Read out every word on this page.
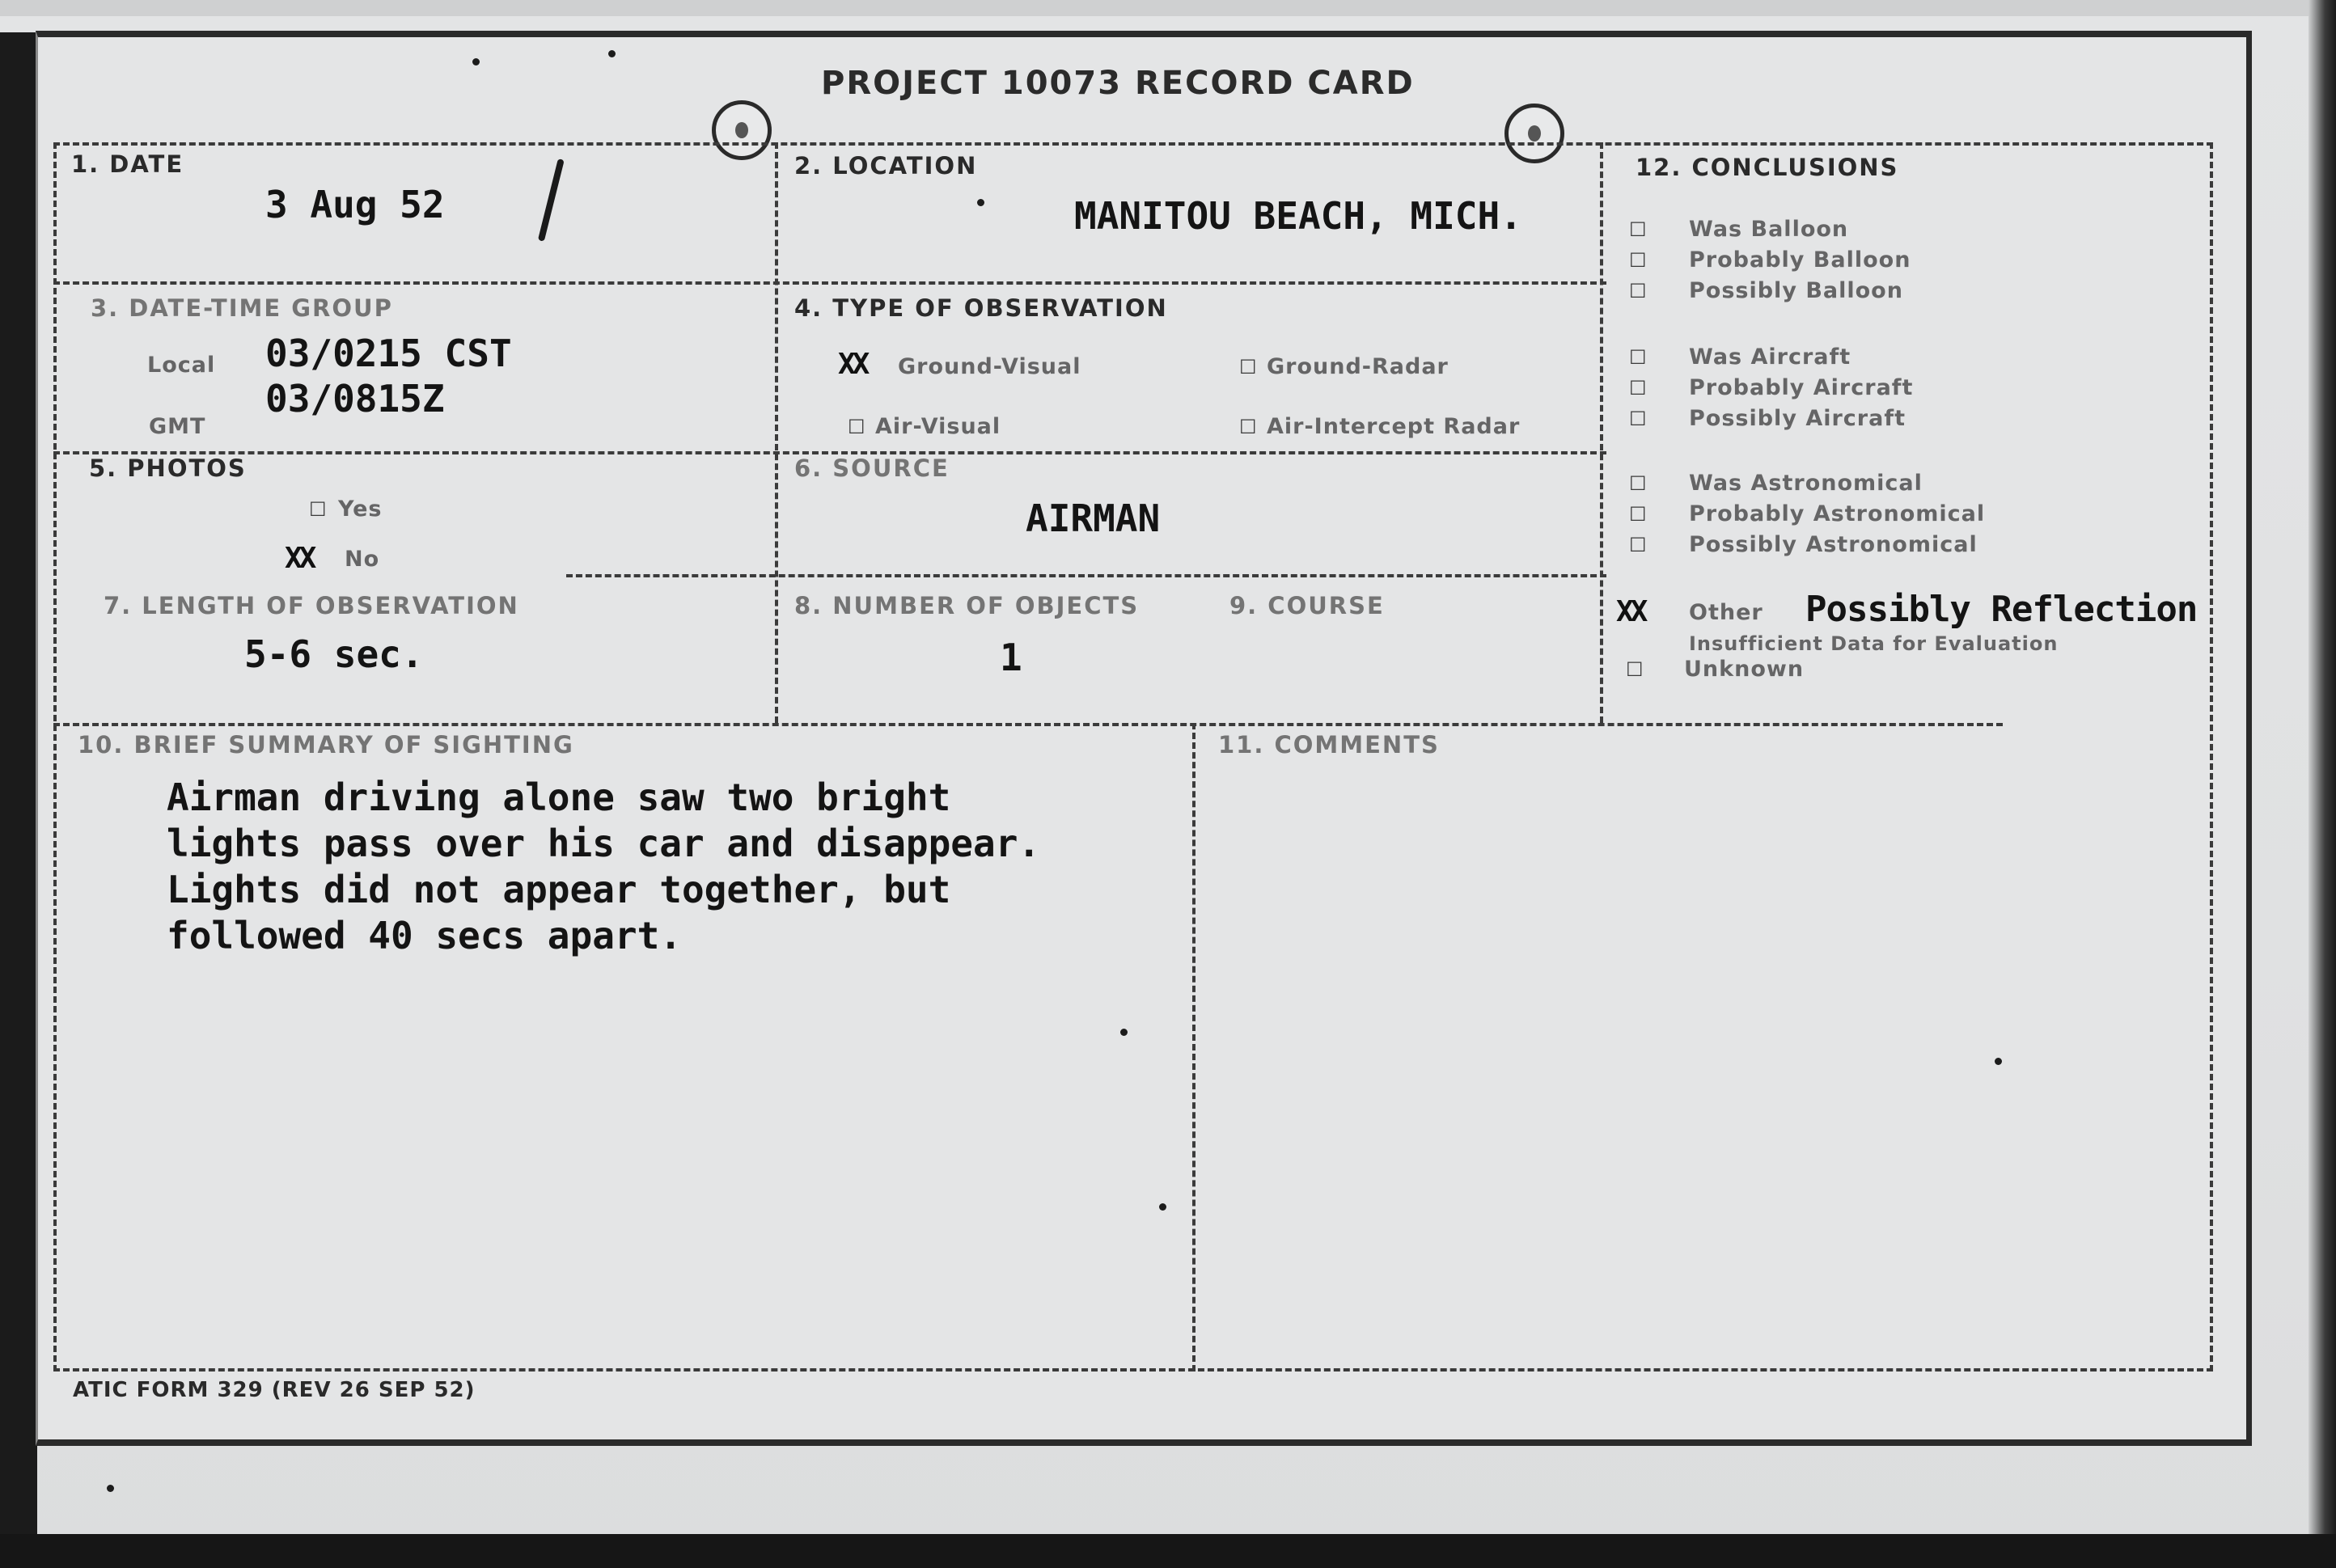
PROJECT 10073 RECORD CARD
1. DATE
3 Aug 52
2. LOCATION
MANITOU BEACH, MICH.
3. DATE-TIME GROUP
Local 03/0215 CST
GMT
03/0815Z
4. TYPE OF OBSERVATION
XX Ground-Visual	☐ Ground-Radar
☐ Air-Visual	☐ Air-Intercept Radar
5. PHOTOS
☐ Yes
XX No
6. SOURCE
AIRMAN
7. LENGTH OF OBSERVATION
5-6 sec.
8. NUMBER OF OBJECTS
1
9. COURSE
10. BRIEF SUMMARY OF SIGHTING
Airman driving alone saw two bright
lights pass over his car and disappear.
Lights did not appear together, but
followed 40 secs apart.
11. COMMENTS
12. CONCLUSIONS
☐ Was Balloon
☐ Probably Balloon
☐ Possibly Balloon
☐ Was Aircraft
☐ Probably Aircraft
☐ Possibly Aircraft
☐ Was Astronomical
☐ Probably Astronomical
☐ Possibly Astronomical
XX Other Possibly Reflection
Insufficient Data for Evaluation
☐ Unknown
ATIC FORM 329 (REV 26 SEP 52)
